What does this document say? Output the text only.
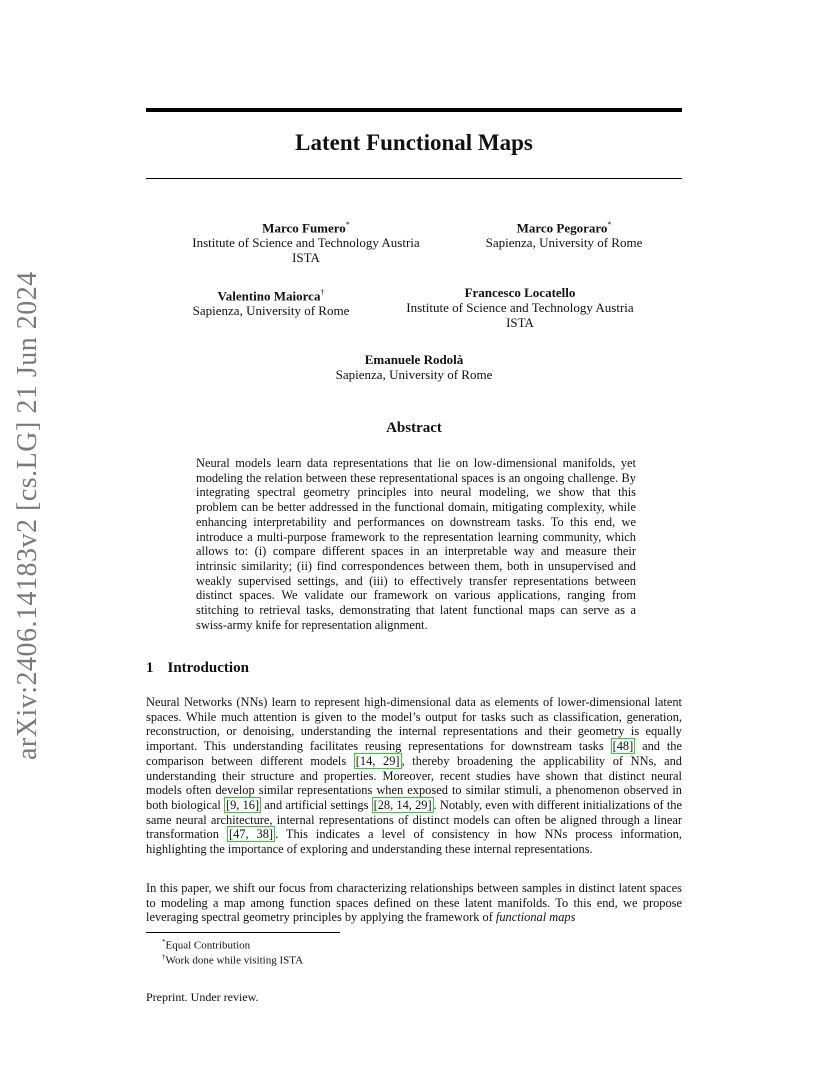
arXiv:2406.14183v2 [cs.LG] 21 Jun 2024
Latent Functional Maps
Marco Fumero*
Institute of Science and Technology Austria
ISTA
Marco Pegoraro*
Sapienza, University of Rome
Valentino Maiorca†
Sapienza, University of Rome
Francesco Locatello
Institute of Science and Technology Austria
ISTA
Emanuele Rodolà
Sapienza, University of Rome
Abstract

Neural models learn data representations that lie on low-dimensional manifolds, yet modeling the relation between these representational spaces is an ongoing challenge. By integrating spectral geometry principles into neural modeling, we show that this problem can be better addressed in the functional domain, mitigating complexity, while enhancing interpretability and performances on downstream tasks. To this end, we introduce a multi-purpose framework to the representation learning community, which allows to: (i) compare different spaces in an interpretable way and measure their intrinsic similarity; (ii) find correspondences between them, both in unsupervised and weakly supervised settings, and (iii) to effectively transfer representations between distinct spaces. We validate our framework on various applications, ranging from stitching to retrieval tasks, demonstrating that latent functional maps can serve as a swiss-army knife for representation alignment.

1 Introduction

Neural Networks (NNs) learn to represent high-dimensional data as elements of lower-dimensional latent spaces. While much attention is given to the model’s output for tasks such as classification, generation, reconstruction, or denoising, understanding the internal representations and their geometry is equally important. This understanding facilitates reusing representations for downstream tasks [48] and the comparison between different models [14, 29] , thereby broadening the applicability of NNs, and understanding their structure and properties. Moreover, recent studies have shown that distinct neural models often develop similar representations when exposed to similar stimuli, a phenomenon observed in both biological [9, 16] and artificial settings [28, 14, 29] . Notably, even with different initializations of the same neural architecture, internal representations of distinct models can often be aligned through a linear transformation [47, 38] . This indicates a level of consistency in how NNs process information, highlighting the importance of exploring and understanding these internal representations.

In this paper, we shift our focus from characterizing relationships between samples in distinct latent spaces to modeling a map among function spaces defined on these latent manifolds. To this end, we propose leveraging spectral geometry principles by applying the framework of functional maps

*Equal Contribution
†Work done while visiting ISTA
Preprint. Under review.
